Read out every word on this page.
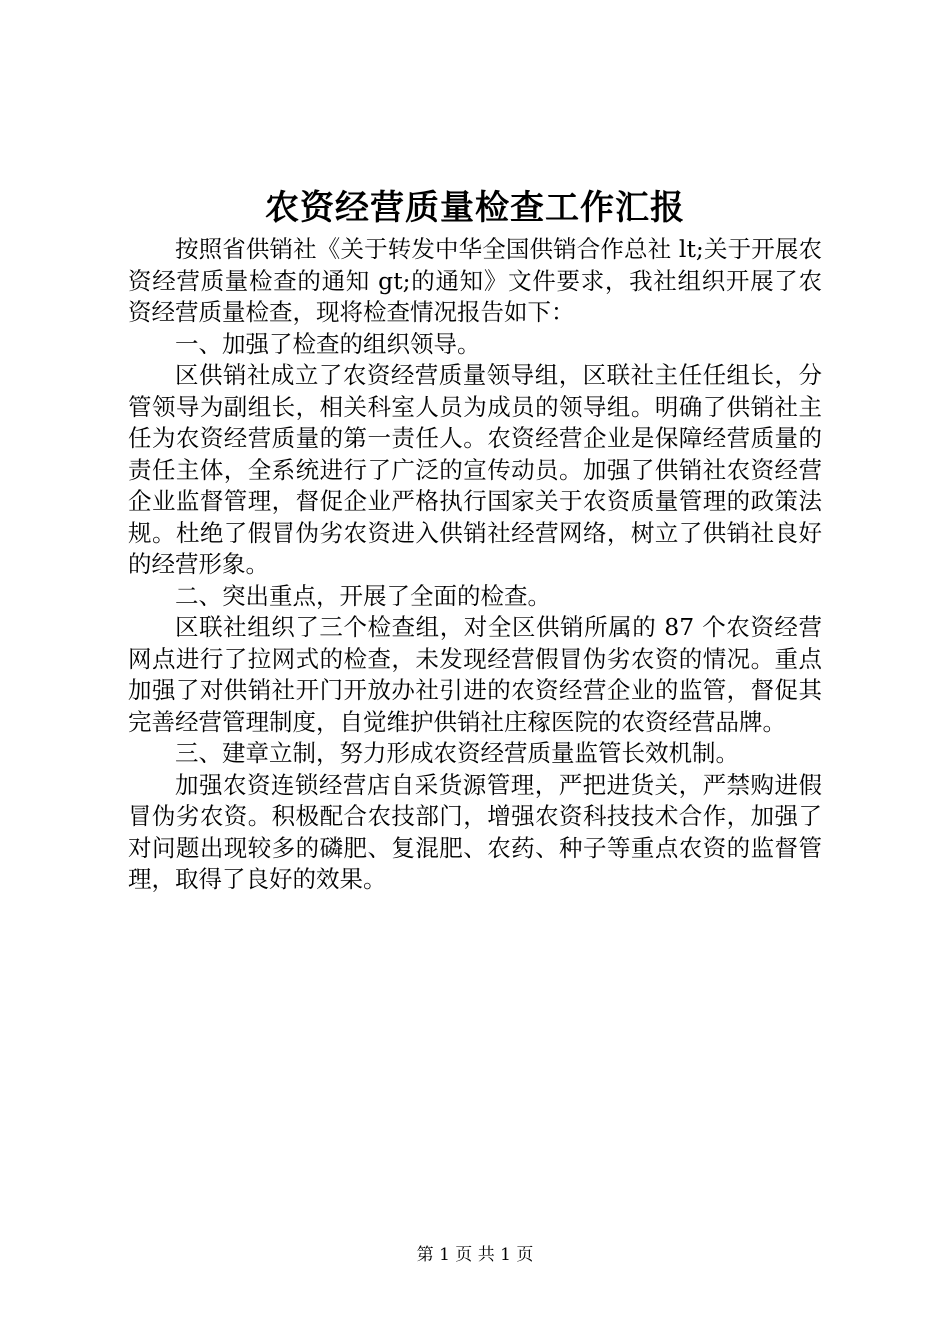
农资经营质量检查工作汇报

按照省供销社《关于转发中华全国供销合作总社 lt;关于开展农资经营质量检查的通知 gt;的通知》文件要求，我社组织开展了农资经营质量检查，现将检查情况报告如下：

一、加强了检查的组织领导。

区供销社成立了农资经营质量领导组，区联社主任任组长，分管领导为副组长，相关科室人员为成员的领导组。明确了供销社主任为农资经营质量的第一责任人。农资经营企业是保障经营质量的责任主体，全系统进行了广泛的宣传动员。加强了供销社农资经营企业监督管理，督促企业严格执行国家关于农资质量管理的政策法规。杜绝了假冒伪劣农资进入供销社经营网络，树立了供销社良好的经营形象。

二、突出重点，开展了全面的检查。

区联社组织了三个检查组，对全区供销所属的 87 个农资经营网点进行了拉网式的检查，未发现经营假冒伪劣农资的情况。重点加强了对供销社开门开放办社引进的农资经营企业的监管，督促其完善经营管理制度，自觉维护供销社庄稼医院的农资经营品牌。

三、建章立制，努力形成农资经营质量监管长效机制。

加强农资连锁经营店自采货源管理，严把进货关，严禁购进假冒伪劣农资。积极配合农技部门，增强农资科技技术合作，加强了对问题出现较多的磷肥、复混肥、农药、种子等重点农资的监督管理，取得了良好的效果。

第 1 页 共 1 页
